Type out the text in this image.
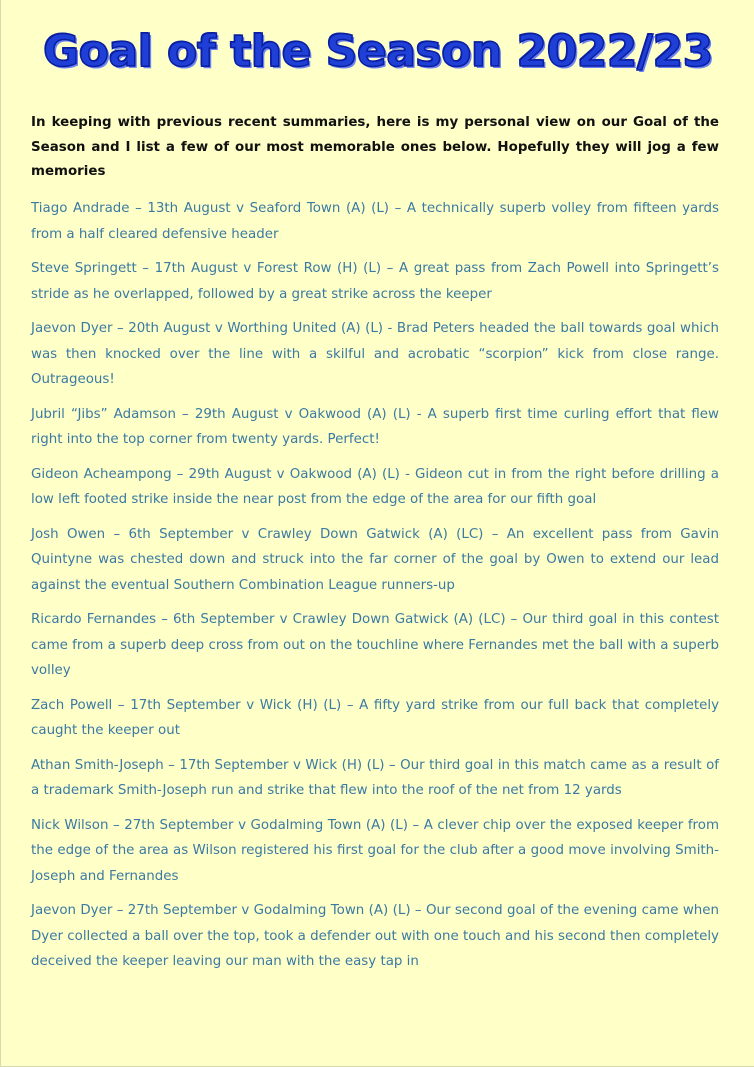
Goal of the Season 2022/23

In keeping with previous recent summaries, here is my personal view on our Goal of the Season and I list a few of our most memorable ones below. Hopefully they will jog a few memories

Tiago Andrade – 13th August v Seaford Town (A) (L) – A technically superb volley from fifteen yards from a half cleared defensive header
Steve Springett – 17th August v Forest Row (H) (L) – A great pass from Zach Powell into Springett’s stride as he overlapped, followed by a great strike across the keeper
Jaevon Dyer – 20th August v Worthing United (A) (L) - Brad Peters headed the ball towards goal which was then knocked over the line with a skilful and acrobatic “scorpion” kick from close range. Outrageous!
Jubril “Jibs” Adamson – 29th August v Oakwood (A) (L) - A superb first time curling effort that flew right into the top corner from twenty yards. Perfect!
Gideon Acheampong – 29th August v Oakwood (A) (L) - Gideon cut in from the right before drilling a low left footed strike inside the near post from the edge of the area for our fifth goal
Josh Owen – 6th September v Crawley Down Gatwick (A) (LC) – An excellent pass from Gavin Quintyne was chested down and struck into the far corner of the goal by Owen to extend our lead against the eventual Southern Combination League runners-up
Ricardo Fernandes – 6th September v Crawley Down Gatwick (A) (LC) – Our third goal in this contest came from a superb deep cross from out on the touchline where Fernandes met the ball with a superb volley
Zach Powell – 17th September v Wick (H) (L) – A fifty yard strike from our full back that completely caught the keeper out
Athan Smith-Joseph – 17th September v Wick (H) (L) – Our third goal in this match came as a result of a trademark Smith-Joseph run and strike that flew into the roof of the net from 12 yards
Nick Wilson – 27th September v Godalming Town (A) (L) – A clever chip over the exposed keeper from the edge of the area as Wilson registered his first goal for the club after a good move involving Smith-Joseph and Fernandes
Jaevon Dyer – 27th September v Godalming Town (A) (L) – Our second goal of the evening came when Dyer collected a ball over the top, took a defender out with one touch and his second then completely deceived the keeper leaving our man with the easy tap in
